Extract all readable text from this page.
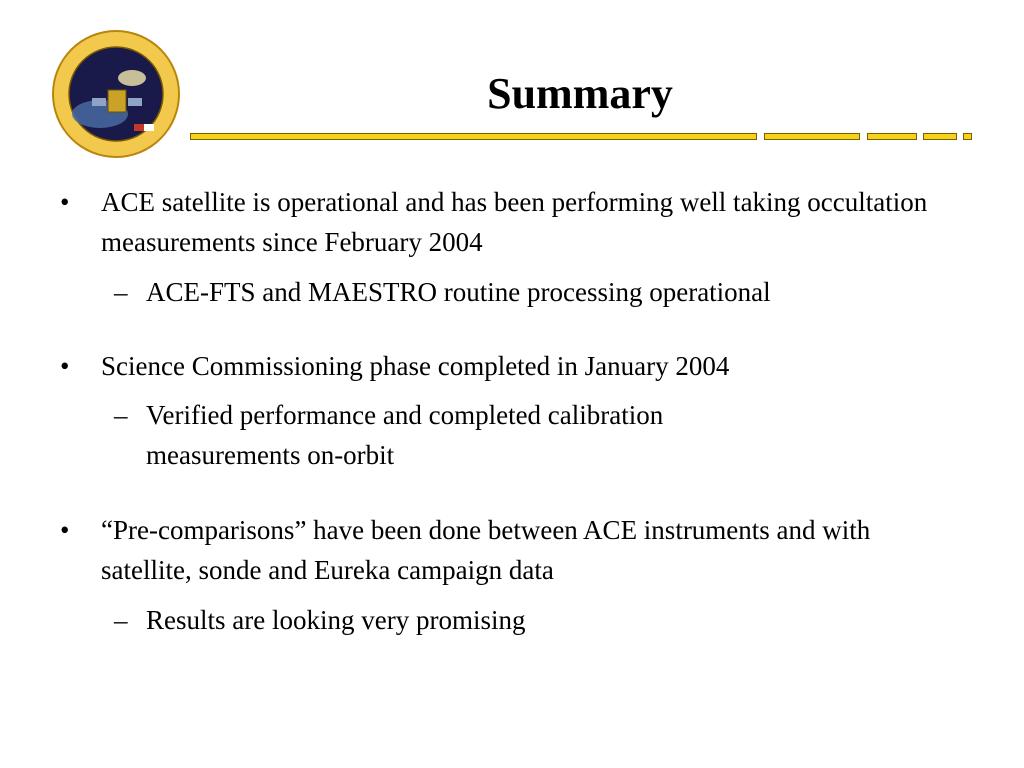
Summary
• ACE satellite is operational and has been performing well taking occultation measurements since February 2004
– ACE-FTS and MAESTRO routine processing operational
• Science Commissioning phase completed in January 2004
– Verified performance and completed calibration measurements on-orbit
• “Pre-comparisons” have been done between ACE instruments and with satellite, sonde and Eureka campaign data
– Results are looking very promising
